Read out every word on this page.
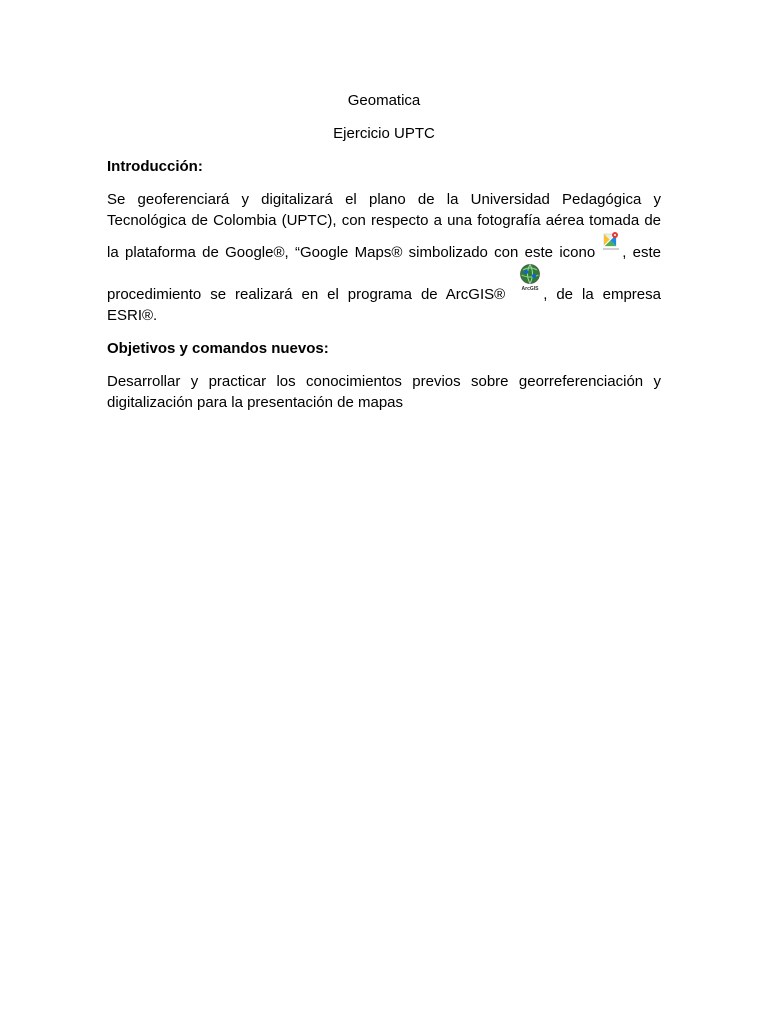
Geomatica

Ejercicio UPTC

Introducción:

Se geoferenciará y digitalizará el plano de la Universidad Pedagógica y Tecnológica de Colombia (UPTC), con respecto a una fotografía aérea tomada de la plataforma de Google®, “Google Maps® simbolizado con este icono , este procedimiento se realizará en el programa de ArcGIS®	ArcGIS , de la empresa ESRI®.

Objetivos y comandos nuevos:

Desarrollar y practicar los conocimientos previos sobre georreferenciación y digitalización para la presentación de mapas
